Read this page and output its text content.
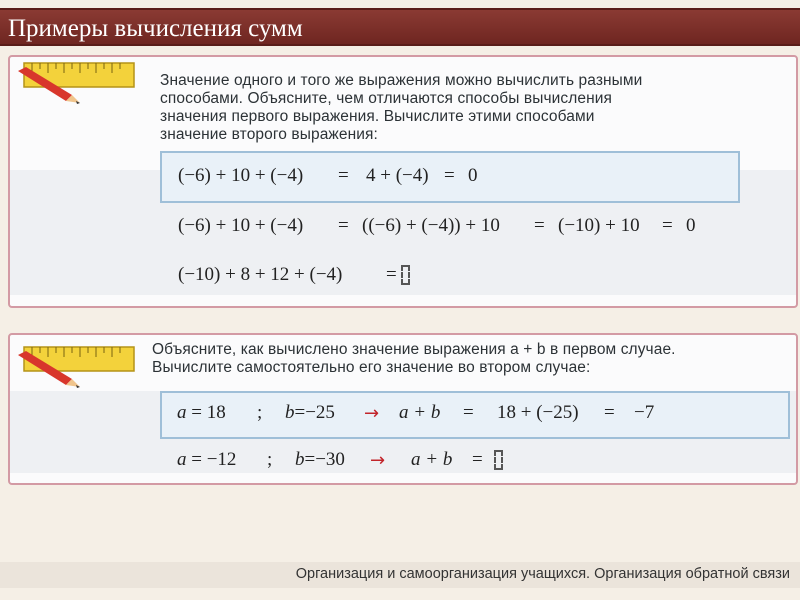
Примеры вычисления сумм
Значение одного и того же выражения можно вычислить разными
способами. Объясните, чем отличаются способы вычисления
значения первого выражения. Вычислите этими способами
значение второго выражения:
(−6) + 10 + (−4) = 4 + (−4) = 0
(−6) + 10 + (−4) = ((−6) + (−4)) + 10 = (−10) + 10 = 0
(−10) + 8 + 12 + (−4) =
Объясните, как вычислено значение выражения a + b в первом случае.
Вычислите самостоятельно его значение во втором случае:
a = 18 ; b=−25 → a + b = 18 + (−25) = −7
a = −12 ; b=−30 → a + b =
Организация и самоорганизация учащихся. Организация обратной связи
